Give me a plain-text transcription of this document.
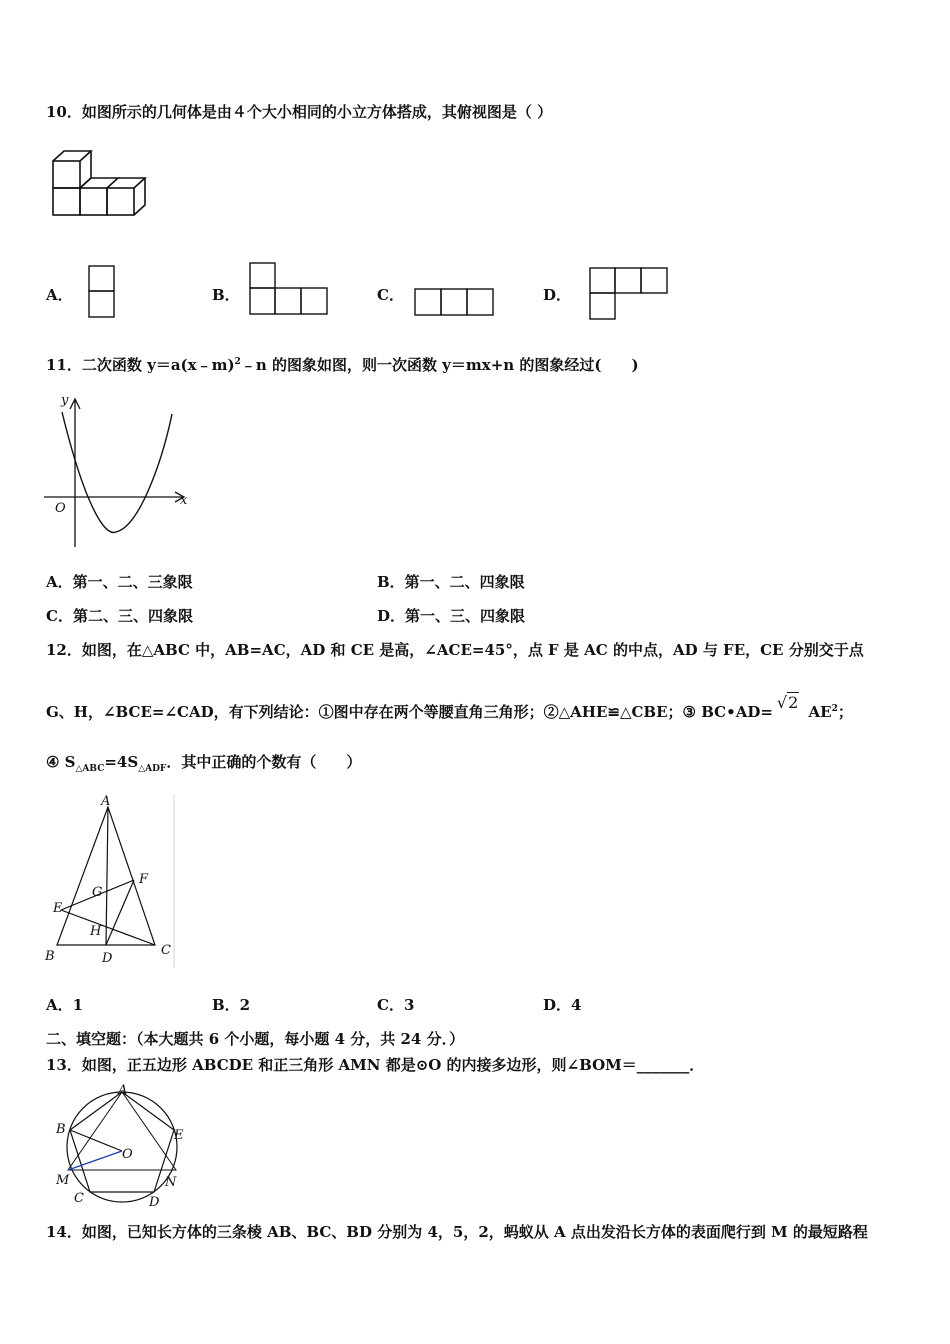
10．如图所示的几何体是由４个大小相同的小立方体搭成，其俯视图是（ ）
A．	B．	C．	D．
11．二次函数 y＝a(x﹣m)$^2$﹣n 的图象如图，则一次函数 y＝mx+n 的图象经过(　　)
y
x
O
A．第一、二、三象限	B．第一、二、四象限
C．第二、三、四象限	D．第一、三、四象限
12．如图，在△ABC 中，AB=AC，AD 和 CE 是高，∠ACE=45°，点 F 是 AC 的中点，AD 与 FE，CE 分别交于点
G、H，∠BCE=∠CAD，有下列结论：①图中存在两个等腰直角三角形；②△AHE≌△CBE；③ BC•AD= √2 $AE^2$；
④ $S_{\triangle ABC}=4S_{\triangle ADF}$．其中正确的个数有（　　）
A
B	C
D
E
F
G
H
A．1	B．2	C．3	D．4
二、填空题：（本大题共 6 个小题，每小题 4 分，共 24 分．）
13．如图，正五边形 ABCDE 和正三角形 AMN 都是⊙O 的内接多边形，则∠BOM＝_______．
A
B
C	D
E
M	N
O
14．如图，已知长方体的三条棱 AB、BC、BD 分别为 4，5，2，蚂蚁从 A 点出发沿长方体的表面爬行到 M 的最短路程
